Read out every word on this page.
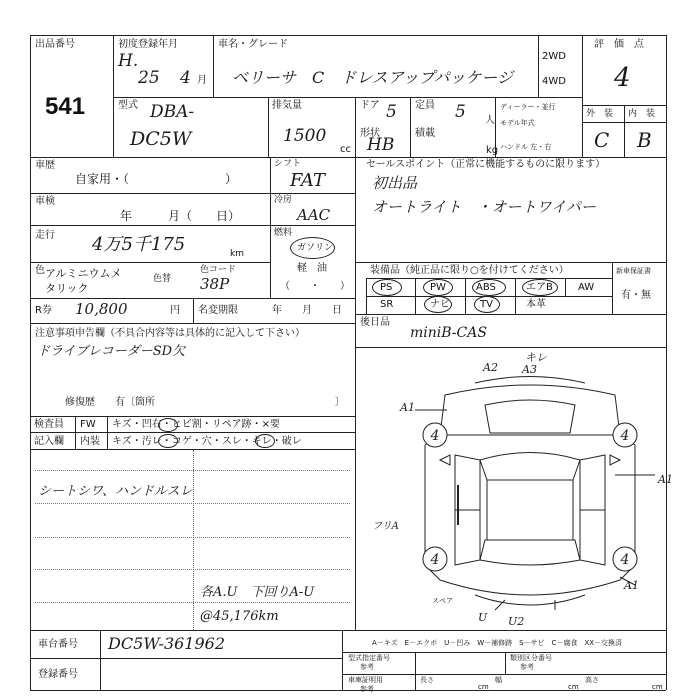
出品番号
541
初度登録年月
H.
25 4 月
車名・グレード
ベリーサ　C　ドレスアップパッケージ
2WD
4WD
評　価　点
4
型式 DBA-
DC5W
排気量
1500
cc
ドア 5 定員 5 人
形状
HB
積載
kg
ディーラー・並行
モデル年式
ハンドル 左・右
外　装 内　装
C B
車歴
自家用・（　　　　　　　　）
車検
年　　　月（　　日）
走行 4万5千175	km
色 アルミニウムメタリック
色替
色コード
38P
R券 10,800	円 名変期限	年　　月　　日
シフト
FAT
冷房
AAC
燃料
ガソリン
軽　油
（　　・　　）
セールスポイント（正常に機能するものに限ります）
初出品
オートライト　・オートワイパー
装備品（純正品に限り○を付けてください）
PS	PW	ABS	エアB	AW
SR	ナビ	TV	本革
新車保証書
有・無
後日品
miniB-CAS
注意事項申告欄（不具合内容等は具体的に記入して下さい）
ドライブレコーダーSD欠
修復歴 有〔箇所	〕
検査員
記入欄
FW キズ・凹右・ヒビ割・リペア跡・×要
内装 キズ・汚レ・コゲ・穴・スレ・キレ・破レ
シートシワ、ハンドルスレ
各A.U　下回りA-U
@45,176km
4	4
4	4
A2
キレ
A3
A1
A1
フリA
A1
U U2
スペア
A－キズ　E－エクボ　U－凹み　W－補修跡　S－サビ　C－腐食　XX－交換済
車台番号 DC5W-361962
登録番号
型式指定番号
参考
類別区分番号
参考
車庫証明用
参考
長さ
cm
幅
cm
高さ
cm
